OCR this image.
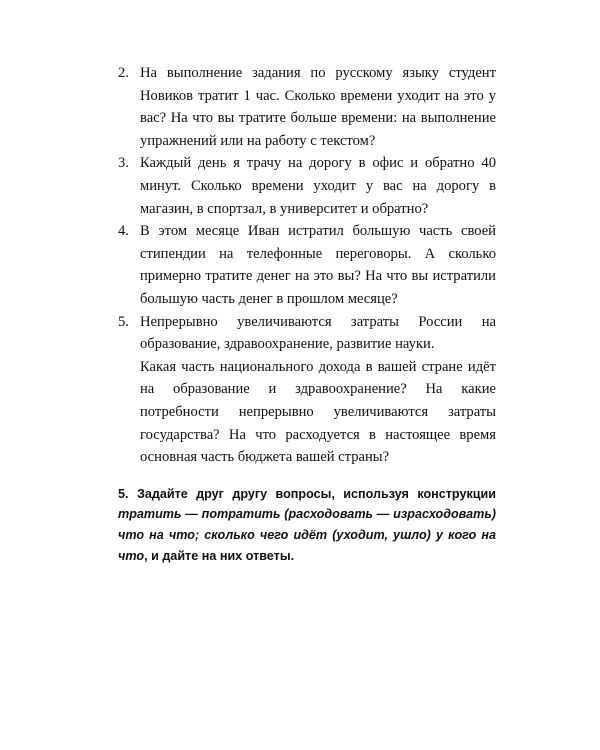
2. На выполнение задания по русскому языку студент Новиков тратит 1 час. Сколько времени уходит на это у вас? На что вы тратите больше времени: на выполнение упражнений или на работу с текстом?
3. Каждый день я трачу на дорогу в офис и обратно 40 минут. Сколько времени уходит у вас на дорогу в магазин, в спортзал, в университет и обратно?
4. В этом месяце Иван истратил большую часть своей стипендии на телефонные переговоры. А сколько примерно тратите денег на это вы? На что вы истратили большую часть денег в прошлом месяце?
5. Непрерывно увеличиваются затраты России на образование, здравоохранение, развитие науки.
Какая часть национального дохода в вашей стране идёт на образование и здравоохранение? На какие потребности непрерывно увеличиваются затраты государства? На что расходуется в настоящее время основная часть бюджета вашей страны?

5. Задайте друг другу вопросы, используя конструкции тратить — потратить (расходовать — израсходовать) что на что; сколько чего идёт (уходит, ушло) у кого на что, и дайте на них ответы.
